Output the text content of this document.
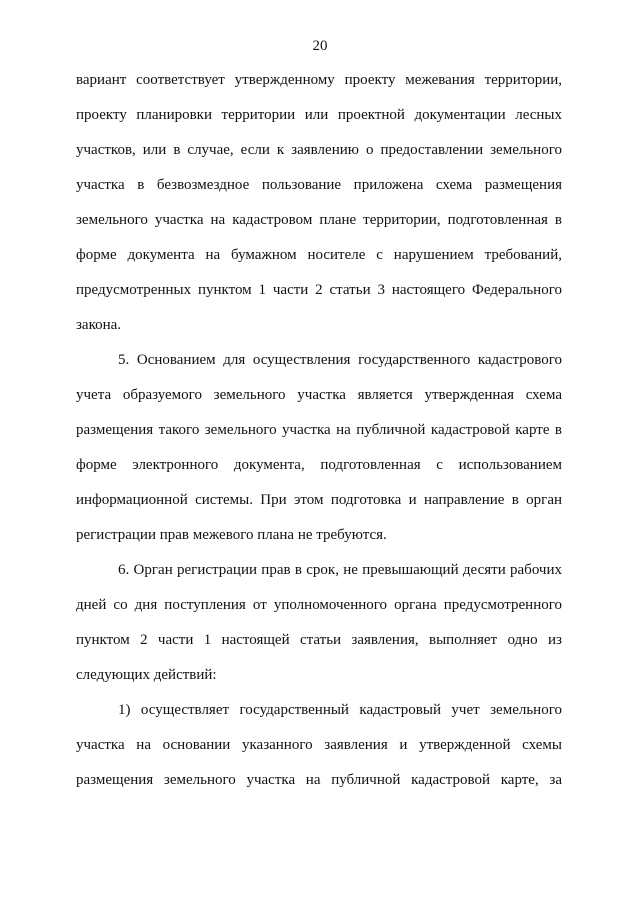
20
вариант соответствует утвержденному проекту межевания территории,
проекту планировки территории или проектной документации лесных
участков, или в случае, если к заявлению о предоставлении земельного
участка в безвозмездное пользование приложена схема размещения
земельного участка на кадастровом плане территории, подготовленная в
форме документа на бумажном носителе с нарушением требований,
предусмотренных пунктом 1 части 2 статьи 3 настоящего Федерального
закона.
5. Основанием для осуществления государственного кадастрового
учета образуемого земельного участка является утвержденная схема
размещения такого земельного участка на публичной кадастровой карте в
форме электронного документа, подготовленная с использованием
информационной системы. При этом подготовка и направление в орган
регистрации прав межевого плана не требуются.
6. Орган регистрации прав в срок, не превышающий десяти рабочих
дней со дня поступления от уполномоченного органа предусмотренного
пунктом 2 части 1 настоящей статьи заявления, выполняет одно из
следующих действий:
1) осуществляет государственный кадастровый учет земельного
участка на основании указанного заявления и утвержденной схемы
размещения земельного участка на публичной кадастровой карте, за
